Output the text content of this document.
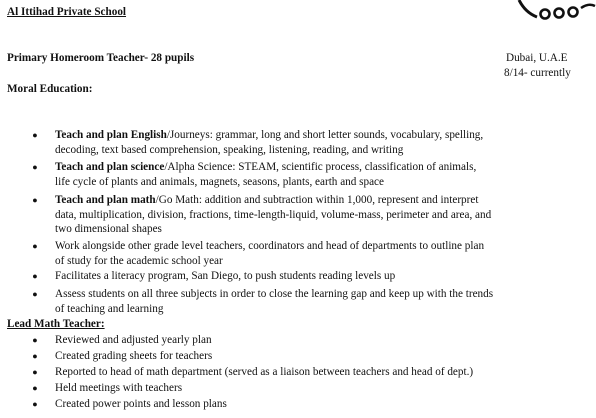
Al Ittihad Private School
Primary Homeroom Teacher- 28 pupils	Dubai, U.A.E
8/14- currently
Moral Education:
● Teach and plan English/Journeys: grammar, long and short letter sounds, vocabulary, spelling,

decoding, text based comprehension, speaking, listening, reading, and writing

● Teach and plan science/Alpha Science: STEAM, scientific process, classification of animals,

life cycle of plants and animals, magnets, seasons, plants, earth and space

● Teach and plan math/Go Math: addition and subtraction within 1,000, represent and interpret

data, multiplication, division, fractions, time-length-liquid, volume-mass, perimeter and area, and

two dimensional shapes

● Work alongside other grade level teachers, coordinators and head of departments to outline plan

of study for the academic school year

● Facilitates a literacy program, San Diego, to push students reading levels up

● Assess students on all three subjects in order to close the learning gap and keep up with the trends

of teaching and learning

Lead Math Teacher:
● Reviewed and adjusted yearly plan
● Created grading sheets for teachers
● Reported to head of math department (served as a liaison between teachers and head of dept.)
● Held meetings with teachers
● Created power points and lesson plans
